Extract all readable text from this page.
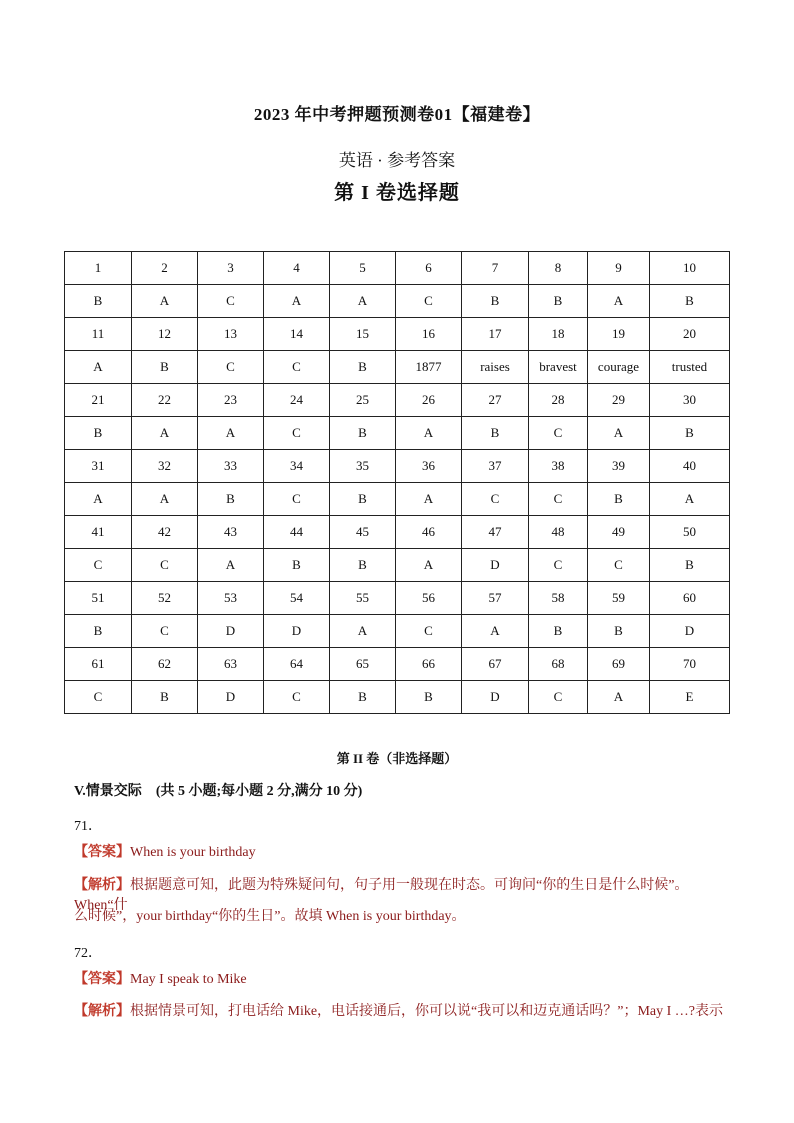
2023 年中考押题预测卷01【福建卷】
英语 · 参考答案
第 I 卷选择题
1	2	3	4	5	6	7	8	9	10
B	A	C	A	A	C	B	B	A	B
11	12	13	14	15	16	17	18	19	20
A	B	C	C	B	1877	raises	bravest	courage	trusted
21	22	23	24	25	26	27	28	29	30
B	A	A	C	B	A	B	C	A	B
31	32	33	34	35	36	37	38	39	40
A	A	B	C	B	A	C	C	B	A
41	42	43	44	45	46	47	48	49	50
C	C	A	B	B	A	D	C	C	B
51	52	53	54	55	56	57	58	59	60
B	C	D	D	A	C	A	B	B	D
61	62	63	64	65	66	67	68	69	70
C	B	D	C	B	B	D	C	A	E
第 II 卷（非选择题）
V.情景交际 (共 5 小题;每小题 2 分,满分 10 分)
71．
【答案】When is your birthday
【解析】根据题意可知，此题为特殊疑问句，句子用一般现在时态。可询问“你的生日是什么时候”。When“什
么时候”，your birthday“你的生日”。故填 When is your birthday。
72．
【答案】May I speak to Mike
【解析】根据情景可知，打电话给 Mike，电话接通后，你可以说“我可以和迈克通话吗？”；May I …?表示
